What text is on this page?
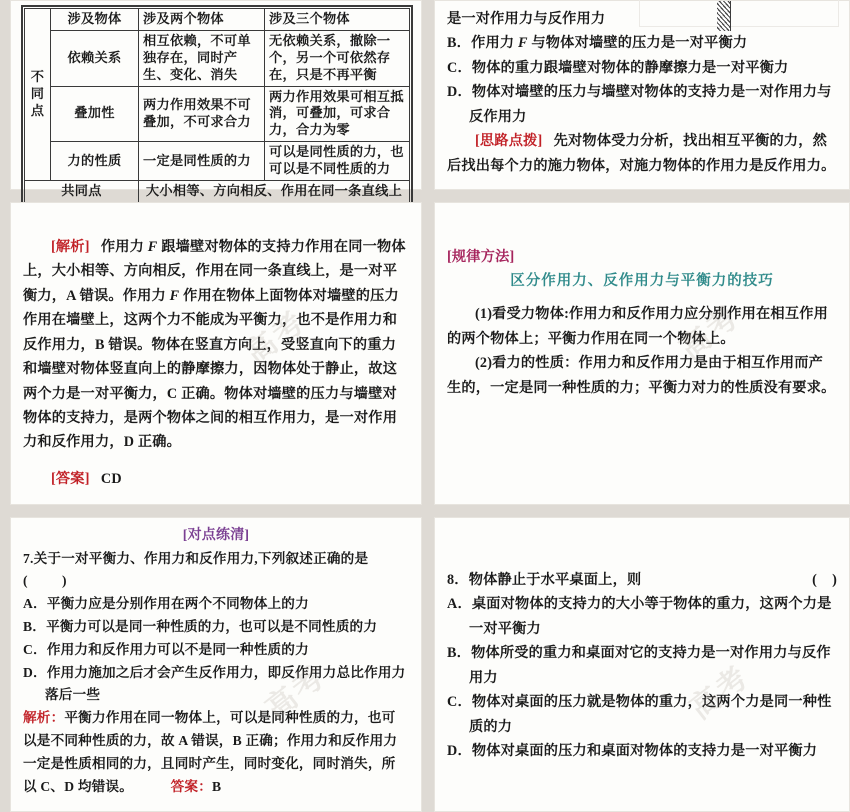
不同点	涉及物体	涉及两个物体	涉及三个物体
	依赖关系	相互依赖，不可单独存在，同时产生、变化、消失	无依赖关系，撤除一个，另一个可依然存在，只是不再平衡
	叠加性	两力作用效果不可叠加，不可求合力	两力作用效果可相互抵消，可叠加，可求合力，合力为零
	力的性质	一定是同性质的力	可以是同性质的力，也可以是不同性质的力
共同点		大小相等、方向相反、作用在同一条直线上	

是一对作用力与反作用力

B．作用力 F 与物体对墙壁的压力是一对平衡力

C．物体的重力跟墙壁对物体的静摩擦力是一对平衡力

D．物体对墙壁的压力与墙壁对物体的支持力是一对作用力与反作用力

[思路点拨] 先对物体受力分析，找出相互平衡的力，然后找出每个力的施力物体，对施力物体的作用力是反作用力。

高考

[解析] 作用力 F 跟墙壁对物体的支持力作用在同一物体上，大小相等、方向相反，作用在同一条直线上，是一对平衡力，A 错误。作用力 F 作用在物体上面物体对墙壁的压力作用在墙壁上，这两个力不能成为平衡力，也不是作用力和反作用力，B 错误。物体在竖直方向上，受竖直向下的重力和墙壁对物体竖直向上的静摩擦力，因物体处于静止，故这两个力是一对平衡力，C 正确。物体对墙壁的压力与墙壁对物体的支持力，是两个物体之间的相互作用力，是一对作用力和反作用力，D 正确。

[答案] CD

高考

[规律方法]

区分作用力、反作用力与平衡力的技巧

(1)看受力物体:作用力和反作用力应分别作用在相互作用的两个物体上；平衡力作用在同一个物体上。

(2)看力的性质：作用力和反作用力是由于相互作用而产生的，一定是同一种性质的力；平衡力对力的性质没有要求。

高考

[对点练清]

7.关于一对平衡力、作用力和反作用力,下列叙述正确的是(	)

A．平衡力应是分别作用在两个不同物体上的力

B．平衡力可以是同一种性质的力，也可以是不同性质的力

C．作用力和反作用力可以不是同一种性质的力

D．作用力施加之后才会产生反作用力，即反作用力总比作用力落后一些

解析：平衡力作用在同一物体上，可以是同种性质的力，也可以是不同种性质的力，故 A 错误，B 正确；作用力和反作用力一定是性质相同的力，且同时产生，同时变化，同时消失，所以 C、D 均错误。	答案：B

高考

8．物体静止于水平桌面上，则	( )

A．桌面对物体的支持力的大小等于物体的重力，这两个力是一对平衡力

B．物体所受的重力和桌面对它的支持力是一对作用力与反作用力

C．物体对桌面的压力就是物体的重力，这两个力是同一种性质的力

D．物体对桌面的压力和桌面对物体的支持力是一对平衡力
